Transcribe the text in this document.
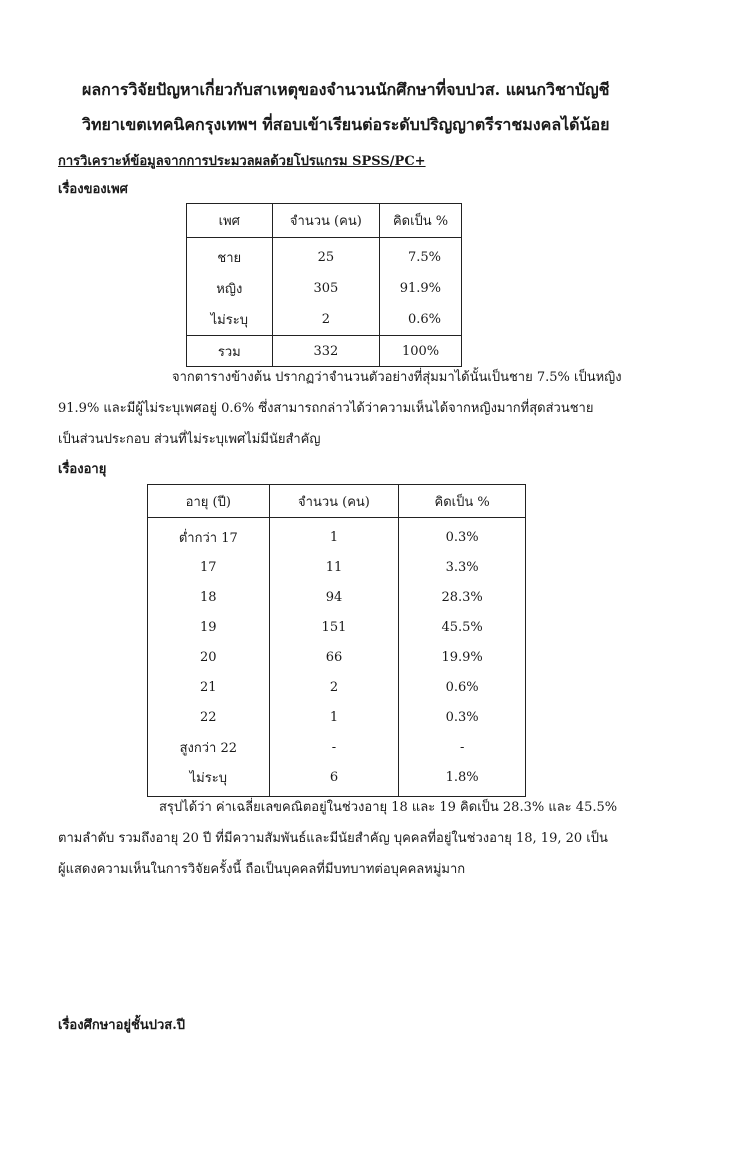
ผลการวิจัยปัญหาเกี่ยวกับสาเหตุของจำนวนนักศึกษาที่จบปวส. แผนกวิชาบัญชี
วิทยาเขตเทคนิคกรุงเทพฯ ที่สอบเข้าเรียนต่อระดับปริญญาตรีราชมงคลได้น้อย
การวิเคราะห์ข้อมูลจากการประมวลผลด้วยโปรแกรม SPSS/PC+
เรื่องของเพศ
เพศ	จำนวน (คน)	คิดเป็น %
ชาย	25	7.5%
หญิง	305	91.9%
ไม่ระบุ	2	0.6%
รวม	332	100%
จากตารางข้างต้น ปรากฏว่าจำนวนตัวอย่างที่สุ่มมาได้นั้นเป็นชาย 7.5% เป็นหญิง
91.9% และมีผู้ไม่ระบุเพศอยู่ 0.6% ซึ่งสามารถกล่าวได้ว่าความเห็นได้จากหญิงมากที่สุดส่วนชาย
เป็นส่วนประกอบ ส่วนที่ไม่ระบุเพศไม่มีนัยสำคัญ
เรื่องอายุ
อายุ (ปี)	จำนวน (คน)	คิดเป็น %
ต่ำกว่า 17	1	0.3%
17	11	3.3%
18	94	28.3%
19	151	45.5%
20	66	19.9%
21	2	0.6%
22	1	0.3%
สูงกว่า 22	-	-
ไม่ระบุ	6	1.8%
สรุปได้ว่า ค่าเฉลี่ยเลขคณิตอยู่ในช่วงอายุ 18 และ 19 คิดเป็น 28.3% และ 45.5%
ตามลำดับ รวมถึงอายุ 20 ปี ที่มีความสัมพันธ์และมีนัยสำคัญ บุคคลที่อยู่ในช่วงอายุ 18, 19, 20 เป็น
ผู้แสดงความเห็นในการวิจัยครั้งนี้ ถือเป็นบุคคลที่มีบทบาทต่อบุคคลหมู่มาก
เรื่องศึกษาอยู่ชั้นปวส.ปี
